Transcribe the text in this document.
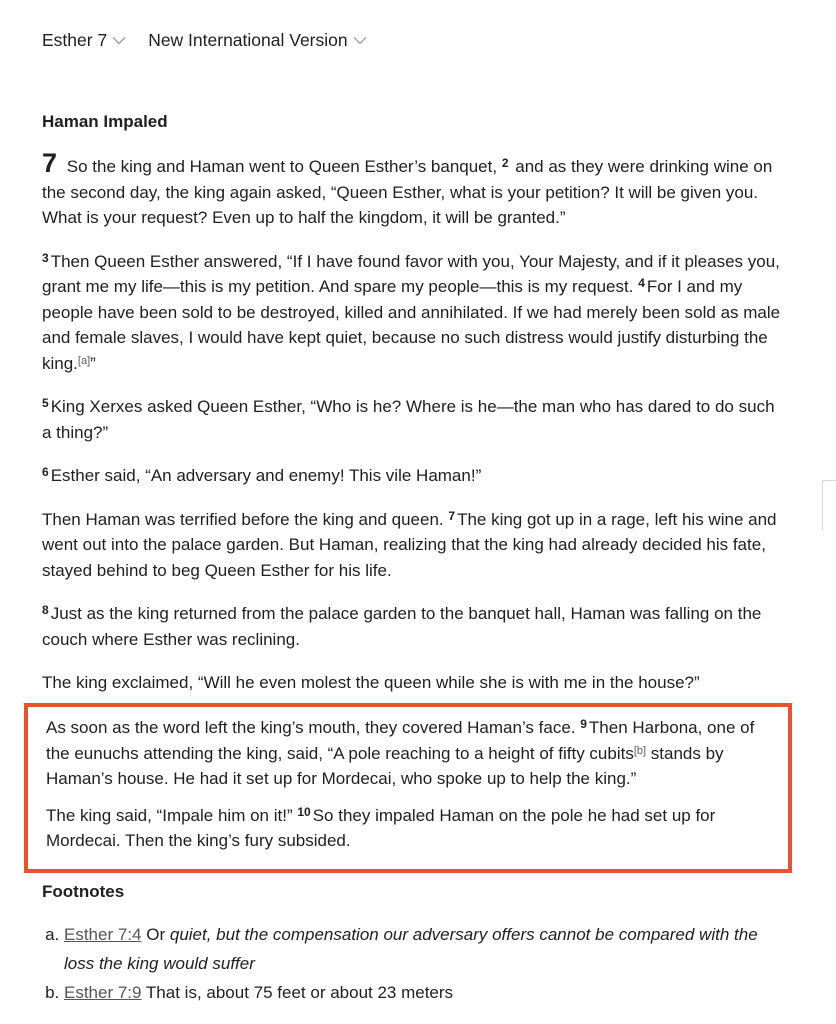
Esther 7 New International Version
Haman Impaled

7 So the king and Haman went to Queen Esther’s banquet, $^2$ and as they were drinking wine on the second day, the king again asked, “Queen Esther, what is your petition? It will be given you. What is your request? Even up to half the kingdom, it will be granted.”

$^3$ Then Queen Esther answered, “If I have found favor with you, Your Majesty, and if it pleases you, grant me my life—this is my petition. And spare my people—this is my request. $^4$ For I and my people have been sold to be destroyed, killed and annihilated. If we had merely been sold as male and female slaves, I would have kept quiet, because no such distress would justify disturbing the king.[a]”

$^5$ King Xerxes asked Queen Esther, “Who is he? Where is he—the man who has dared to do such a thing?”

$^6$ Esther said, “An adversary and enemy! This vile Haman!”

Then Haman was terrified before the king and queen. $^7$ The king got up in a rage, left his wine and went out into the palace garden. But Haman, realizing that the king had already decided his fate, stayed behind to beg Queen Esther for his life.

$^8$ Just as the king returned from the palace garden to the banquet hall, Haman was falling on the couch where Esther was reclining.

The king exclaimed, “Will he even molest the queen while she is with me in the house?”

As soon as the word left the king’s mouth, they covered Haman’s face. $^9$ Then Harbona, one of the eunuchs attending the king, said, “A pole reaching to a height of fifty cubits[b] stands by Haman’s house. He had it set up for Mordecai, who spoke up to help the king.”

The king said, “Impale him on it!” $^{10}$ So they impaled Haman on the pole he had set up for Mordecai. Then the king’s fury subsided.

Footnotes
a. Esther 7:4 Or quiet, but the compensation our adversary offers cannot be compared with the loss the king would suffer
b. Esther 7:9 That is, about 75 feet or about 23 meters
